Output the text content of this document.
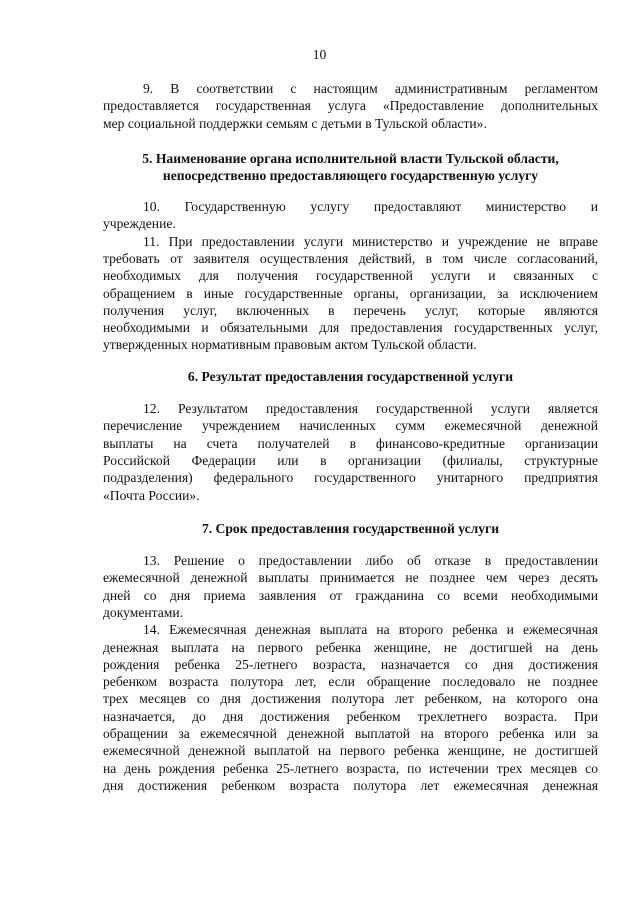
10
9. В соответствии с настоящим административным регламентом
предоставляется государственная услуга «Предоставление дополнительных
мер социальной поддержки семьям с детьми в Тульской области».
5. Наименование органа исполнительной власти Тульской области,
непосредственно предоставляющего государственную услугу
10. Государственную услугу предоставляют министерство и
учреждение.
11. При предоставлении услуги министерство и учреждение не вправе
требовать от заявителя осуществления действий, в том числе согласований,
необходимых для получения государственной услуги и связанных с
обращением в иные государственные органы, организации, за исключением
получения услуг, включенных в перечень услуг, которые являются
необходимыми и обязательными для предоставления государственных услуг,
утвержденных нормативным правовым актом Тульской области.
6. Результат предоставления государственной услуги
12. Результатом предоставления государственной услуги является
перечисление учреждением начисленных сумм ежемесячной денежной
выплаты на счета получателей в финансово-кредитные организации
Российской Федерации или в организации (филиалы, структурные
подразделения) федерального государственного унитарного предприятия
«Почта России».
7. Срок предоставления государственной услуги
13. Решение о предоставлении либо об отказе в предоставлении
ежемесячной денежной выплаты принимается не позднее чем через десять
дней со дня приема заявления от гражданина со всеми необходимыми
документами.
14. Ежемесячная денежная выплата на второго ребенка и ежемесячная
денежная выплата на первого ребенка женщине, не достигшей на день
рождения ребенка 25-летнего возраста, назначается со дня достижения
ребенком возраста полутора лет, если обращение последовало не позднее
трех месяцев со дня достижения полутора лет ребенком, на которого она
назначается, до дня достижения ребенком трехлетнего возраста. При
обращении за ежемесячной денежной выплатой на второго ребенка или за
ежемесячной денежной выплатой на первого ребенка женщине, не достигшей
на день рождения ребенка 25-летнего возраста, по истечении трех месяцев со
дня достижения ребенком возраста полутора лет ежемесячная денежная
